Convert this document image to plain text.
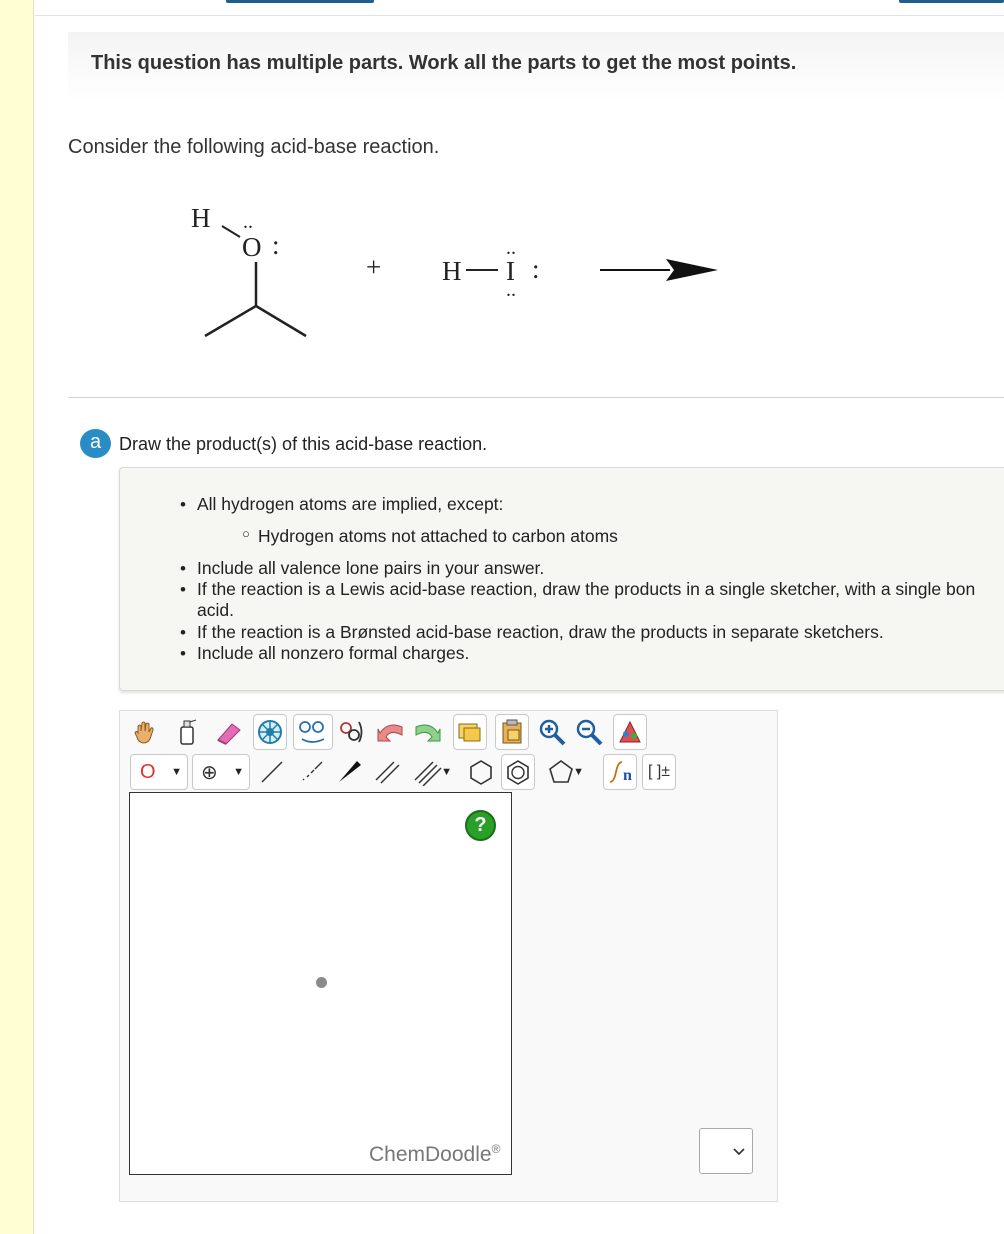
This question has multiple parts. Work all the parts to get the most points.
Consider the following acid-base reaction.
H ..
O :
+ H
..
I
..
:
a Draw the product(s) of this acid-base reaction.
• All hydrogen atoms are implied, except:
○ Hydrogen atoms not attached to carbon atoms
• Include all valence lone pairs in your answer.
• If the reaction is a Lewis acid-base reaction, draw the products in a single sketcher, with a single bon
acid.
• If the reaction is a Brønsted acid-base reaction, draw the products in separate sketchers.
• Include all nonzero formal charges.
O ▼ ⊕ ▼	▼	▼ n [ ]±
?
ChemDoodle®
